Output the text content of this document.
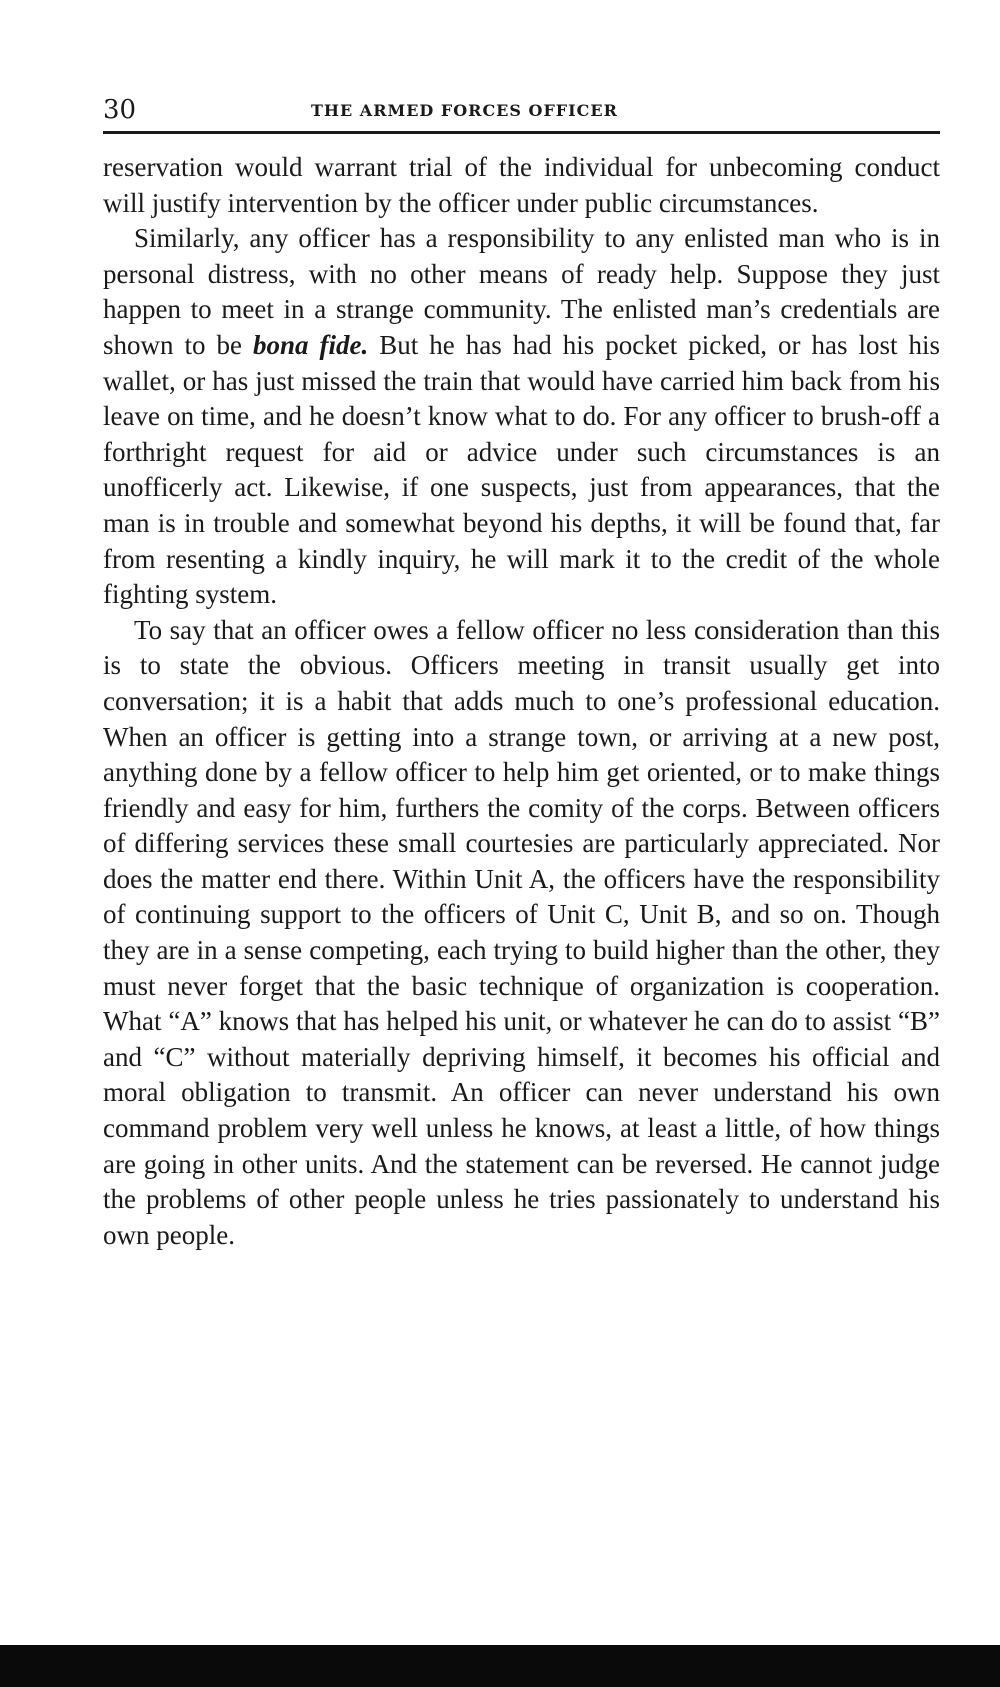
30	THE ARMED FORCES OFFICER

reservation would warrant trial of the individual for unbecoming conduct will justify intervention by the officer under public circumstances.

Similarly, any officer has a responsibility to any enlisted man who is in personal distress, with no other means of ready help. Suppose they just happen to meet in a strange community. The enlisted man’s credentials are shown to be bona fide. But he has had his pocket picked, or has lost his wallet, or has just missed the train that would have carried him back from his leave on time, and he doesn’t know what to do. For any officer to brush-off a forthright request for aid or advice under such circumstances is an unofficerly act. Likewise, if one suspects, just from appearances, that the man is in trouble and somewhat beyond his depths, it will be found that, far from resenting a kindly inquiry, he will mark it to the credit of the whole fighting system.

To say that an officer owes a fellow officer no less consideration than this is to state the obvious. Officers meeting in transit usually get into conversation; it is a habit that adds much to one’s professional education. When an officer is getting into a strange town, or arriving at a new post, anything done by a fellow officer to help him get oriented, or to make things friendly and easy for him, furthers the comity of the corps. Between officers of differing services these small courtesies are particularly appreciated. Nor does the matter end there. Within Unit A, the officers have the responsibility of continuing support to the officers of Unit C, Unit B, and so on. Though they are in a sense competing, each trying to build higher than the other, they must never forget that the basic technique of organization is cooperation. What “A” knows that has helped his unit, or whatever he can do to assist “B” and “C” without materially depriving himself, it becomes his official and moral obligation to transmit. An officer can never understand his own command problem very well unless he knows, at least a little, of how things are going in other units. And the statement can be reversed. He cannot judge the problems of other people unless he tries passionately to understand his own people.
